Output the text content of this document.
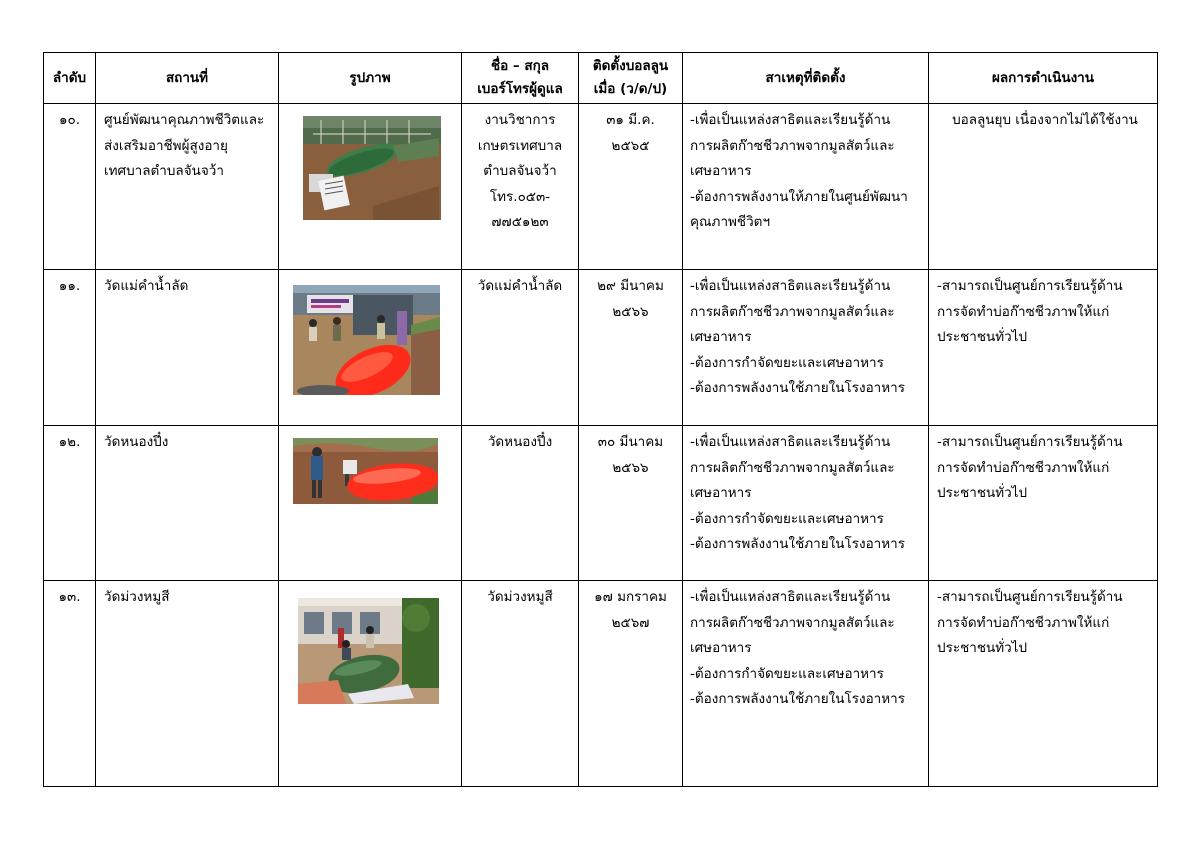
ลำดับ	สถานที่	รูปภาพ	ชื่อ – สกุล
เบอร์โทรผู้ดูแล	ติดตั้งบอลลูน
เมื่อ (ว/ด/ป)	สาเหตุที่ติดตั้ง	ผลการดำเนินงาน
๑๐.	ศูนย์พัฒนาคุณภาพชีวิตและ
ส่งเสริมอาชีพผู้สูงอายุ
เทศบาลตำบลจันจว้า		งานวิชาการ
เกษตรเทศบาล
ตำบลจันจว้า
โทร.๐๕๓-
๗๗๕๑๒๓	๓๑ มี.ค.
๒๕๖๕	-เพื่อเป็นแหล่งสาธิตและเรียนรู้ด้าน
การผลิตก๊าซชีวภาพจากมูลสัตว์และ
เศษอาหาร
-ต้องการพลังงานให้ภายในศูนย์พัฒนา
คุณภาพชีวิตฯ	บอลลูนยุบ เนื่องจากไม่ได้ใช้งาน

๑๑.	วัดแม่คำน้ำลัด		วัดแม่คำน้ำลัด	๒๙ มีนาคม
๒๕๖๖	-เพื่อเป็นแหล่งสาธิตและเรียนรู้ด้าน
การผลิตก๊าซชีวภาพจากมูลสัตว์และ
เศษอาหาร
-ต้องการกำจัดขยะและเศษอาหาร
-ต้องการพลังงานใช้ภายในโรงอาหาร	-สามารถเป็นศูนย์การเรียนรู้ด้าน
การจัดทำบ่อก๊าซชีวภาพให้แก่
ประชาชนทั่วไป

๑๒.	วัดหนองปึ๋ง		วัดหนองปึ๋ง	๓๐ มีนาคม
๒๕๖๖	-เพื่อเป็นแหล่งสาธิตและเรียนรู้ด้าน
การผลิตก๊าซชีวภาพจากมูลสัตว์และ
เศษอาหาร
-ต้องการกำจัดขยะและเศษอาหาร
-ต้องการพลังงานใช้ภายในโรงอาหาร	-สามารถเป็นศูนย์การเรียนรู้ด้าน
การจัดทำบ่อก๊าซชีวภาพให้แก่
ประชาชนทั่วไป

๑๓.	วัดม่วงหมูสี		วัดม่วงหมูสี	๑๗ มกราคม
๒๕๖๗	-เพื่อเป็นแหล่งสาธิตและเรียนรู้ด้าน
การผลิตก๊าซชีวภาพจากมูลสัตว์และ
เศษอาหาร
-ต้องการกำจัดขยะและเศษอาหาร
-ต้องการพลังงานใช้ภายในโรงอาหาร	-สามารถเป็นศูนย์การเรียนรู้ด้าน
การจัดทำบ่อก๊าซชีวภาพให้แก่
ประชาชนทั่วไป
